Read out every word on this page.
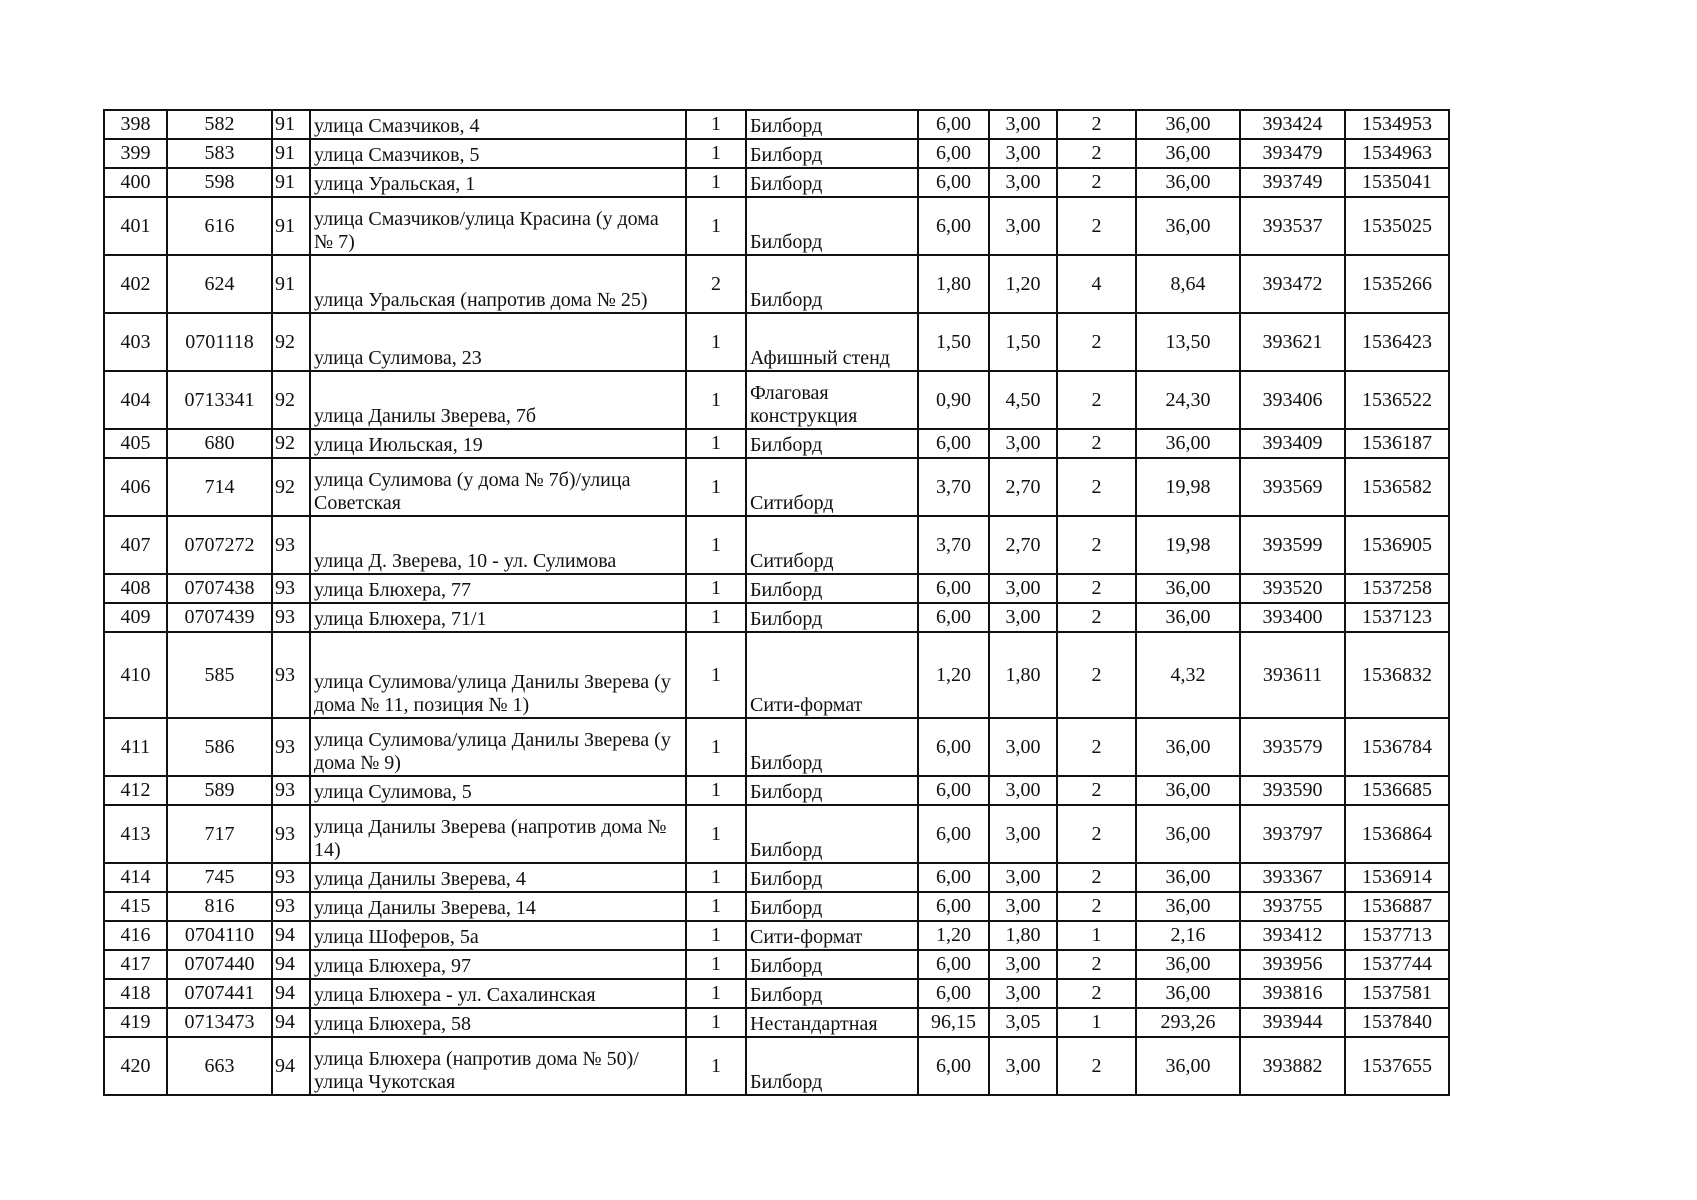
398	582	91	улица Смазчиков, 4	1	Билборд	6,00	3,00	2	36,00	393424	1534953
399	583	91	улица Смазчиков, 5	1	Билборд	6,00	3,00	2	36,00	393479	1534963
400	598	91	улица Уральская, 1	1	Билборд	6,00	3,00	2	36,00	393749	1535041
401	616	91	улица Смазчиков/улица Красина (у дома № 7)	1	Билборд	6,00	3,00	2	36,00	393537	1535025
402	624	91	улица Уральская (напротив дома № 25)	2	Билборд	1,80	1,20	4	8,64	393472	1535266
403	0701118	92	улица Сулимова, 23	1	Афишный стенд	1,50	1,50	2	13,50	393621	1536423
404	0713341	92	улица Данилы Зверева, 7б	1	Флаговая конструкция	0,90	4,50	2	24,30	393406	1536522
405	680	92	улица Июльская, 19	1	Билборд	6,00	3,00	2	36,00	393409	1536187
406	714	92	улица Сулимова (у дома № 7б)/улица Советская	1	Ситиборд	3,70	2,70	2	19,98	393569	1536582
407	0707272	93	улица Д. Зверева, 10 - ул. Сулимова	1	Ситиборд	3,70	2,70	2	19,98	393599	1536905
408	0707438	93	улица Блюхера, 77	1	Билборд	6,00	3,00	2	36,00	393520	1537258
409	0707439	93	улица Блюхера, 71/1	1	Билборд	6,00	3,00	2	36,00	393400	1537123
410	585	93	улица Сулимова/улица Данилы Зверева (у дома № 11, позиция № 1)	1	Сити-формат	1,20	1,80	2	4,32	393611	1536832
411	586	93	улица Сулимова/улица Данилы Зверева (у дома № 9)	1	Билборд	6,00	3,00	2	36,00	393579	1536784
412	589	93	улица Сулимова, 5	1	Билборд	6,00	3,00	2	36,00	393590	1536685
413	717	93	улица Данилы Зверева (напротив дома № 14)	1	Билборд	6,00	3,00	2	36,00	393797	1536864
414	745	93	улица Данилы Зверева, 4	1	Билборд	6,00	3,00	2	36,00	393367	1536914
415	816	93	улица Данилы Зверева, 14	1	Билборд	6,00	3,00	2	36,00	393755	1536887
416	0704110	94	улица Шоферов, 5а	1	Сити-формат	1,20	1,80	1	2,16	393412	1537713
417	0707440	94	улица Блюхера, 97	1	Билборд	6,00	3,00	2	36,00	393956	1537744
418	0707441	94	улица Блюхера - ул. Сахалинская	1	Билборд	6,00	3,00	2	36,00	393816	1537581
419	0713473	94	улица Блюхера, 58	1	Нестандартная	96,15	3,05	1	293,26	393944	1537840
420	663	94	улица Блюхера (напротив дома № 50)/ улица Чукотская	1	Билборд	6,00	3,00	2	36,00	393882	1537655
